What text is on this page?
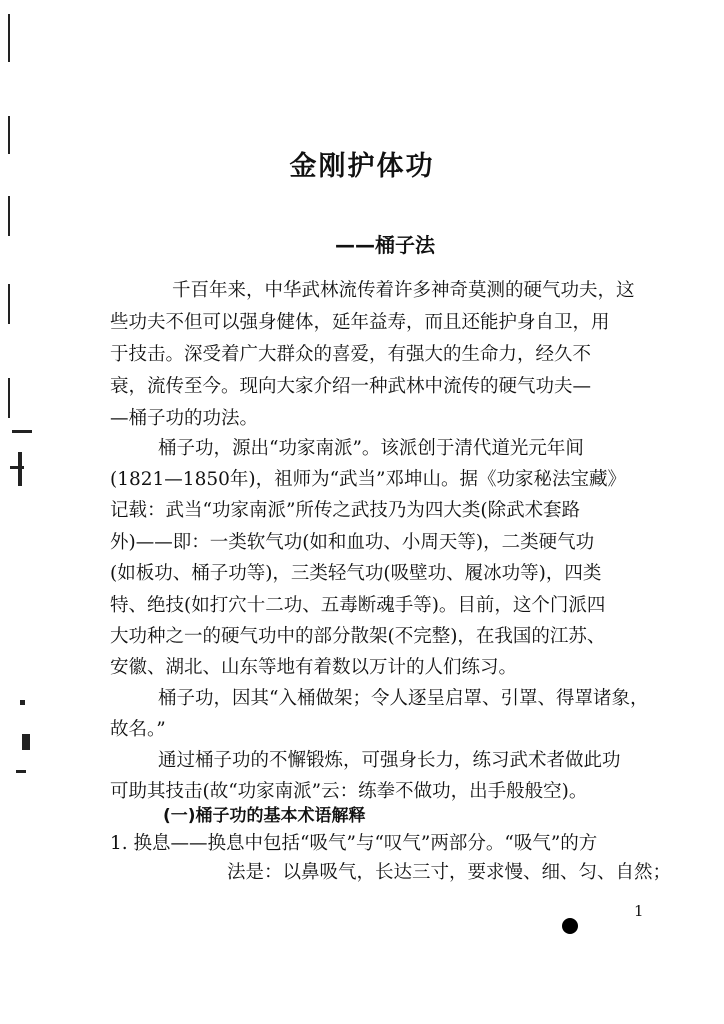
金刚护体功
——桶子法
千百年来，中华武林流传着许多神奇莫测的硬气功夫，这
些功夫不但可以强身健体，延年益寿，而且还能护身自卫，用
于技击。深受着广大群众的喜爱，有强大的生命力，经久不
衰，流传至今。现向大家介绍一种武林中流传的硬气功夫—
—桶子功的功法。
桶子功，源出“功家南派”。该派创于清代道光元年间
(1821—1850年)，祖师为“武当”邓坤山。据《功家秘法宝藏》
记载：武当“功家南派”所传之武技乃为四大类(除武术套路
外)——即：一类软气功(如和血功、小周天等)，二类硬气功
(如板功、桶子功等)，三类轻气功(吸壁功、履冰功等)，四类
特、绝技(如打穴十二功、五毒断魂手等)。目前，这个门派四
大功种之一的硬气功中的部分散架(不完整)，在我国的江苏、
安徽、湖北、山东等地有着数以万计的人们练习。
桶子功，因其“入桶做架；令人逐呈启罩、引罩、得罩诸象，
故名。”
通过桶子功的不懈锻炼，可强身长力，练习武术者做此功
可助其技击(故“功家南派”云：练拳不做功，出手般般空)。
(一)桶子功的基本术语解释
1. 换息——换息中包括“吸气”与“叹气”两部分。“吸气”的方
法是：以鼻吸气，长达三寸，要求慢、细、匀、自然；
1
